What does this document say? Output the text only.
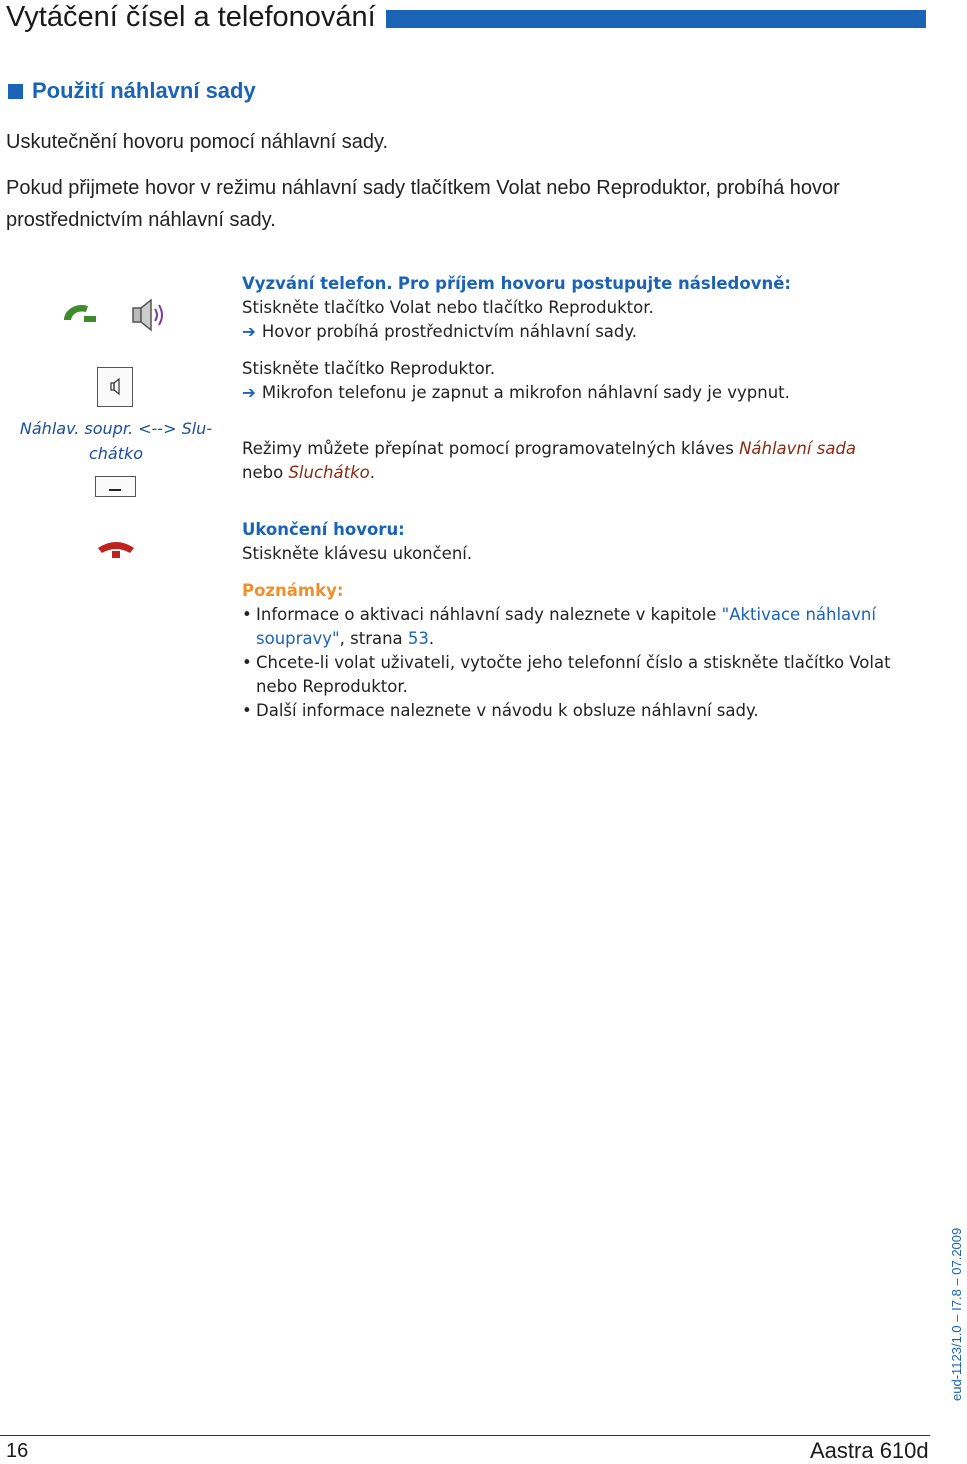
Vytáčení čísel a telefonování
Použití náhlavní sady
Uskutečnění hovoru pomocí náhlavní sady.
Pokud přijmete hovor v režimu náhlavní sady tlačítkem Volat nebo Reproduktor, probíhá hovor
prostřednictvím náhlavní sady.
Náhlav. soupr. <--> Slu-
chátko
Vyzvání telefon. Pro příjem hovoru postupujte následovně:
Stiskněte tlačítko Volat nebo tlačítko Reproduktor.
➔ Hovor probíhá prostřednictvím náhlavní sady.
Stiskněte tlačítko Reproduktor.
➔ Mikrofon telefonu je zapnut a mikrofon náhlavní sady je vypnut.
Režimy můžete přepínat pomocí programovatelných kláves Náhlavní sada
nebo Sluchátko.
Ukončení hovoru:
Stiskněte klávesu ukončení.
Poznámky:
• Informace o aktivaci náhlavní sady naleznete v kapitole "Aktivace náhlavní
soupravy", strana 53.
• Chcete-li volat uživateli, vytočte jeho telefonní číslo a stiskněte tlačítko Volat
nebo Reproduktor.
• Další informace naleznete v návodu k obsluze náhlavní sady.
16	Aastra 610d
eud-1123/1.0 – I7.8 – 07.2009
